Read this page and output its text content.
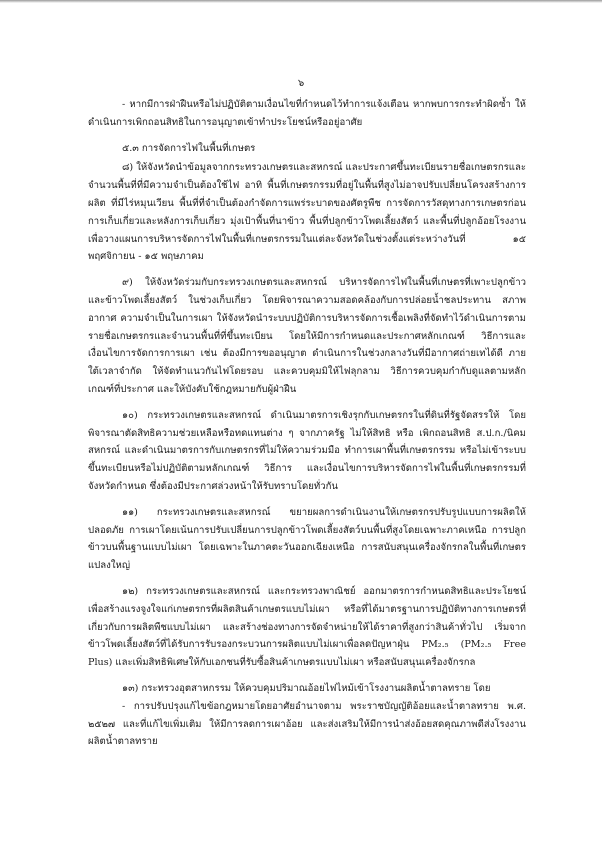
๖

- หากมีการฝ่าฝืนหรือไม่ปฏิบัติตามเงื่อนไขที่กำหนดไว้ทำการแจ้งเตือน หากพบการกระทำผิดซ้ำ ให้ดำเนินการเพิกถอนสิทธิในการอนุญาตเข้าทำประโยชน์หรืออยู่อาศัย

๕.๓ การจัดการไฟในพื้นที่เกษตร

๘) ให้จังหวัดนำข้อมูลจากกระทรวงเกษตรและสหกรณ์ และประกาศขึ้นทะเบียนรายชื่อเกษตรกรและจำนวนพื้นที่ที่มีความจำเป็นต้องใช้ไฟ อาทิ พื้นที่เกษตรกรรมที่อยู่ในพื้นที่สูงไม่อาจปรับเปลี่ยนโครงสร้างการผลิต ที่มีไร่หมุนเวียน พื้นที่ที่จำเป็นต้องกำจัดการแพร่ระบาดของศัตรูพืช การจัดการวัสดุทางการเกษตรก่อนการเก็บเกี่ยวและหลังการเก็บเกี่ยว มุ่งเป้าพื้นที่นาข้าว พื้นที่ปลูกข้าวโพดเลี้ยงสัตว์ และพื้นที่ปลูกอ้อยโรงงาน เพื่อวางแผนการบริหารจัดการไฟในพื้นที่เกษตรกรรมในแต่ละจังหวัดในช่วงตั้งแต่ระหว่างวันที่ ๑๕ พฤศจิกายน - ๑๕ พฤษภาคม

๙) ให้จังหวัดร่วมกับกระทรวงเกษตรและสหกรณ์ บริหารจัดการไฟในพื้นที่เกษตรที่เพาะปลูกข้าว และข้าวโพดเลี้ยงสัตว์ ในช่วงเก็บเกี่ยว โดยพิจารณาความสอดคล้องกับการปล่อยน้ำชลประทาน สภาพอากาศ ความจำเป็นในการเผา ให้จังหวัดนำระบบปฏิบัติการบริหารจัดการเชื้อเพลิงที่จัดทำไว้ดำเนินการตามรายชื่อเกษตรกรและจำนวนพื้นที่ที่ขึ้นทะเบียน โดยให้มีการกำหนดและประกาศหลักเกณฑ์ วิธีการและเงื่อนไขการจัดการการเผา เช่น ต้องมีการขออนุญาต ดำเนินการในช่วงกลางวันที่มีอากาศถ่ายเทได้ดี ภายใต้เวลาจำกัด ให้จัดทำแนวกันไฟโดยรอบ และควบคุมมิให้ไฟลุกลาม วิธีการควบคุมกำกับดูแลตามหลักเกณฑ์ที่ประกาศ และให้บังคับใช้กฎหมายกับผู้ฝ่าฝืน

๑๐) กระทรวงเกษตรและสหกรณ์ ดำเนินมาตรการเชิงรุกกับเกษตรกรในที่ดินที่รัฐจัดสรรให้ โดยพิจารณาตัดสิทธิความช่วยเหลือหรือทดแทนต่าง ๆ จากภาครัฐ ไม่ให้สิทธิ หรือ เพิกถอนสิทธิ ส.ป.ก./นิคมสหกรณ์ และดำเนินมาตรการกับเกษตรกรที่ไม่ให้ความร่วมมือ ทำการเผาพื้นที่เกษตรกรรม หรือไม่เข้าระบบขึ้นทะเบียนหรือไม่ปฏิบัติตามหลักเกณฑ์ วิธีการ และเงื่อนไขการบริหารจัดการไฟในพื้นที่เกษตรกรรมที่จังหวัดกำหนด ซึ่งต้องมีประกาศล่วงหน้าให้รับทราบโดยทั่วกัน

๑๑) กระทรวงเกษตรและสหกรณ์ ขยายผลการดำเนินงานให้เกษตรกรปรับรูปแบบการผลิตให้ปลอดภัย การเผาโดยเน้นการปรับเปลี่ยนการปลูกข้าวโพดเลี้ยงสัตว์บนพื้นที่สูงโดยเฉพาะภาคเหนือ การปลูกข้าวบนพื้นฐานแบบไม่เผา โดยเฉพาะในภาคตะวันออกเฉียงเหนือ การสนับสนุนเครื่องจักรกลในพื้นที่เกษตรแปลงใหญ่

๑๒) กระทรวงเกษตรและสหกรณ์ และกระทรวงพาณิชย์ ออกมาตรการกำหนดสิทธิและประโยชน์เพื่อสร้างแรงจูงใจแก่เกษตรกรที่ผลิตสินค้าเกษตรแบบไม่เผา หรือที่ได้มาตรฐานการปฏิบัติทางการเกษตรที่เกี่ยวกับการผลิตพืชแบบไม่เผา และสร้างช่องทางการจัดจำหน่ายให้ได้ราคาที่สูงกว่าสินค้าทั่วไป เริ่มจากข้าวโพดเลี้ยงสัตว์ที่ได้รับการรับรองกระบวนการผลิตแบบไม่เผาเพื่อลดปัญหาฝุ่น PM₂.₅ (PM₂.₅ Free Plus) และเพิ่มสิทธิพิเศษให้กับเอกชนที่รับซื้อสินค้าเกษตรแบบไม่เผา หรือสนับสนุนเครื่องจักรกล

๑๓) กระทรวงอุตสาหกรรม ให้ควบคุมปริมาณอ้อยไฟไหม้เข้าโรงงานผลิตน้ำตาลทราย โดย

- การปรับปรุงแก้ไขข้อกฎหมายโดยอาศัยอำนาจตาม พระราชบัญญัติอ้อยและน้ำตาลทราย พ.ศ. ๒๕๒๗ และที่แก้ไขเพิ่มเติม ให้มีการลดการเผาอ้อย และส่งเสริมให้มีการนำส่งอ้อยสดคุณภาพดีส่งโรงงานผลิตน้ำตาลทราย
